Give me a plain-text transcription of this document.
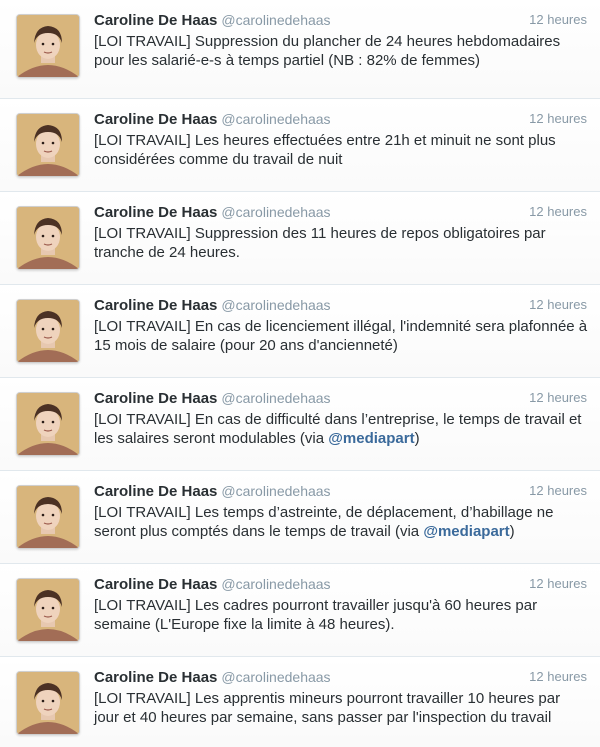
Caroline De Haas @carolinedehaas	12 heures
[LOI TRAVAIL] Suppression du plancher de 24 heures hebdomadaires pour les salarié-e-s à temps partiel (NB : 82% de femmes)
Caroline De Haas @carolinedehaas	12 heures
[LOI TRAVAIL] Les heures effectuées entre 21h et minuit ne sont plus considérées comme du travail de nuit
Caroline De Haas @carolinedehaas	12 heures
[LOI TRAVAIL] Suppression des 11 heures de repos obligatoires par tranche de 24 heures.
Caroline De Haas @carolinedehaas	12 heures
[LOI TRAVAIL] En cas de licenciement illégal, l'indemnité sera plafonnée à 15 mois de salaire (pour 20 ans d'ancienneté)
Caroline De Haas @carolinedehaas	12 heures
[LOI TRAVAIL] En cas de difficulté dans l’entreprise, le temps de travail et les salaires seront modulables (via @mediapart)
Caroline De Haas @carolinedehaas	12 heures
[LOI TRAVAIL] Les temps d’astreinte, de déplacement, d’habillage ne seront plus comptés dans le temps de travail (via @mediapart)
Caroline De Haas @carolinedehaas	12 heures
[LOI TRAVAIL] Les cadres pourront travailler jusqu'à 60 heures par semaine (L'Europe fixe la limite à 48 heures).
Caroline De Haas @carolinedehaas	12 heures
[LOI TRAVAIL] Les apprentis mineurs pourront travailler 10 heures par jour et 40 heures par semaine, sans passer par l'inspection du travail
